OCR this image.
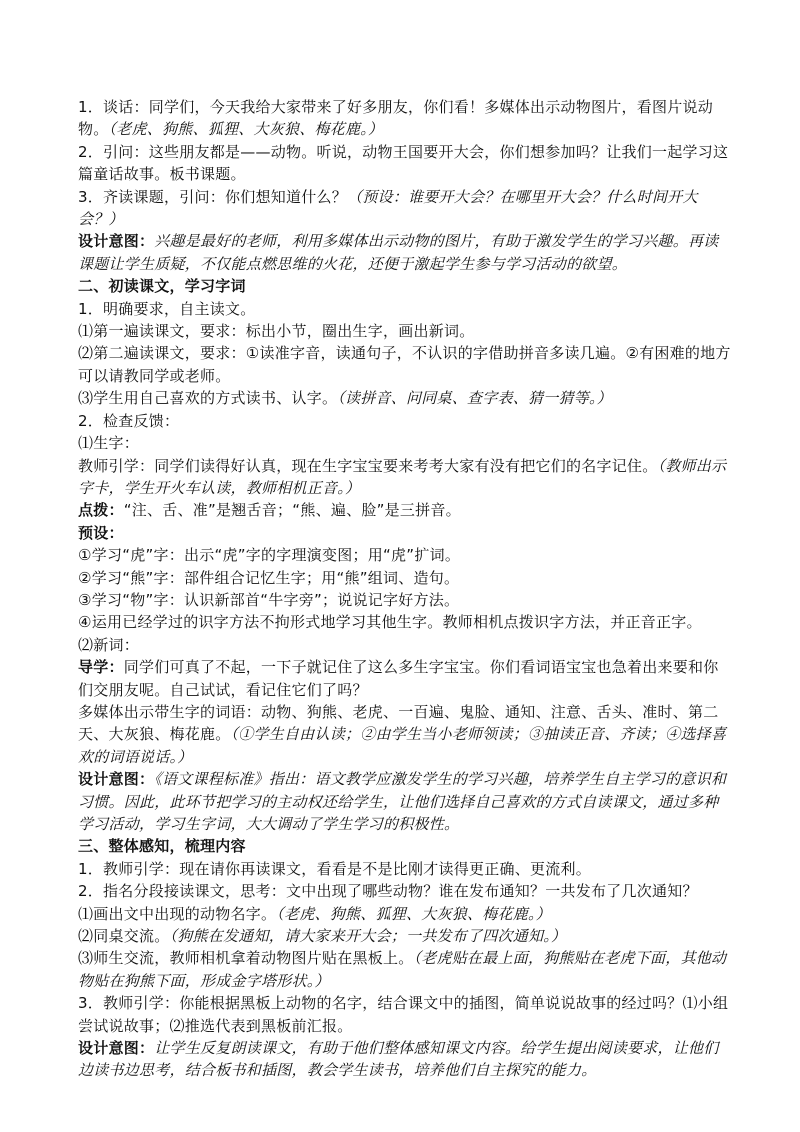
1．谈话：同学们，今天我给大家带来了好多朋友，你们看！多媒体出示动物图片，看图片说动物。（老虎、狗熊、狐狸、大灰狼、梅花鹿。）

2．引问：这些朋友都是——动物。听说，动物王国要开大会，你们想参加吗？让我们一起学习这篇童话故事。板书课题。

3．齐读课题，引问：你们想知道什么？（预设：谁要开大会？在哪里开大会？什么时间开大会？）

设计意图：兴趣是最好的老师，利用多媒体出示动物的图片，有助于激发学生的学习兴趣。再读课题让学生质疑，不仅能点燃思维的火花，还便于激起学生参与学习活动的欲望。

二、初读课文，学习字词

1．明确要求，自主读文。

⑴第一遍读课文，要求：标出小节，圈出生字，画出新词。

⑵第二遍读课文，要求：①读准字音，读通句子，不认识的字借助拼音多读几遍。②有困难的地方可以请教同学或老师。

⑶学生用自己喜欢的方式读书、认字。（读拼音、问同桌、查字表、猜一猜等。）

2．检查反馈：

⑴生字：

教师引学：同学们读得好认真，现在生字宝宝要来考考大家有没有把它们的名字记住。（教师出示字卡，学生开火车认读，教师相机正音。）

点拨：“注、舌、准”是翘舌音；“熊、遍、脸”是三拼音。

预设：

①学习“虎”字：出示“虎”字的字理演变图；用“虎”扩词。

②学习“熊”字：部件组合记忆生字；用“熊”组词、造句。

③学习“物”字：认识新部首“牛字旁”；说说记字好方法。

④运用已经学过的识字方法不拘形式地学习其他生字。教师相机点拨识字方法，并正音正字。

⑵新词：

导学：同学们可真了不起，一下子就记住了这么多生字宝宝。你们看词语宝宝也急着出来要和你们交朋友呢。自己试试，看记住它们了吗？

多媒体出示带生字的词语：动物、狗熊、老虎、一百遍、鬼脸、通知、注意、舌头、准时、第二天、大灰狼、梅花鹿。（①学生自由认读；②由学生当小老师领读；③抽读正音、齐读；④选择喜欢的词语说话。）

设计意图：《语文课程标准》指出：语文教学应激发学生的学习兴趣，培养学生自主学习的意识和习惯。因此，此环节把学习的主动权还给学生，让他们选择自己喜欢的方式自读课文，通过多种学习活动，学习生字词，大大调动了学生学习的积极性。

三、整体感知，梳理内容

1．教师引学：现在请你再读课文，看看是不是比刚才读得更正确、更流利。

2．指名分段接读课文，思考：文中出现了哪些动物？谁在发布通知？一共发布了几次通知？

⑴画出文中出现的动物名字。（老虎、狗熊、狐狸、大灰狼、梅花鹿。）

⑵同桌交流。（狗熊在发通知，请大家来开大会；一共发布了四次通知。）

⑶师生交流，教师相机拿着动物图片贴在黑板上。（老虎贴在最上面，狗熊贴在老虎下面，其他动物贴在狗熊下面，形成金字塔形状。）

3．教师引学：你能根据黑板上动物的名字，结合课文中的插图，简单说说故事的经过吗？⑴小组尝试说故事；⑵推选代表到黑板前汇报。

设计意图：让学生反复朗读课文，有助于他们整体感知课文内容。给学生提出阅读要求，让他们边读书边思考，结合板书和插图，教会学生读书，培养他们自主探究的能力。
